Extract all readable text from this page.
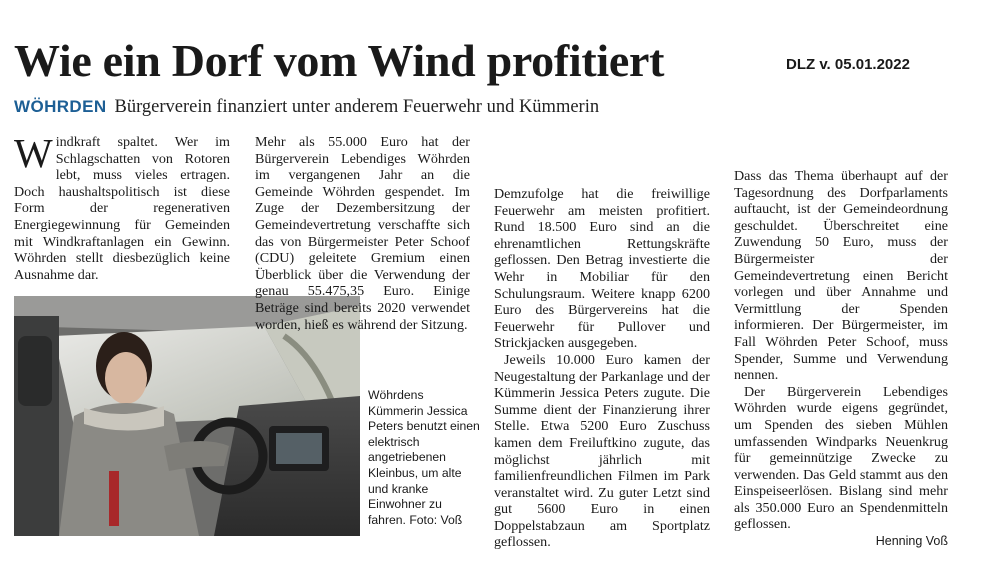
Wie ein Dorf vom Wind profitiert	DLZ v. 05.01.2022
WÖHRDEN Bürgerverein finanziert unter anderem Feuerwehr und Kümmerin

Windkraft spaltet. Wer im Schlagschatten von Rotoren lebt, muss vieles ertragen. Doch haushaltspolitisch ist diese Form der regenerativen Energiegewinnung für Gemeinden mit Windkraftanlagen ein Gewinn. Wöhrden stellt diesbezüglich keine Ausnahme dar.

Wöhrdens Kümmerin Jessica Peters benutzt einen elektrisch angetriebenen Kleinbus, um alte und kranke Einwohner zu fahren. Foto: Voß

Mehr als 55.000 Euro hat der Bürgerverein Lebendiges Wöhrden im vergangenen Jahr an die Gemeinde Wöhrden gespendet. Im Zuge der Dezembersitzung der Gemeindevertretung verschaffte sich das von Bürgermeister Peter Schoof (CDU) geleitete Gremium einen Überblick über die Verwendung der genau 55.475,35 Euro. Einige Beträge sind bereits 2020 verwendet worden, hieß es während der Sitzung.

Demzufolge hat die freiwillige Feuerwehr am meisten profitiert. Rund 18.500 Euro sind an die ehrenamtlichen Rettungskräfte geflossen. Den Betrag investierte die Wehr in Mobiliar für den Schulungsraum. Weitere knapp 6200 Euro des Bürgervereins hat die Feuerwehr für Pullover und Strickjacken ausgegeben.

Jeweils 10.000 Euro kamen der Neugestaltung der Parkanlage und der Kümmerin Jessica Peters zugute. Die Summe dient der Finanzierung ihrer Stelle. Etwa 5200 Euro Zuschuss kamen dem Freiluftkino zugute, das möglichst jährlich mit familienfreundlichen Filmen im Park veranstaltet wird. Zu guter Letzt sind gut 5600 Euro in einen Doppelstabzaun am Sportplatz geflossen.

Dass das Thema überhaupt auf der Tagesordnung des Dorfparlaments auftaucht, ist der Gemeindeordnung geschuldet. Überschreitet eine Zuwendung 50 Euro, muss der Bürgermeister der Gemeindevertretung einen Bericht vorlegen und über Annahme und Vermittlung der Spenden informieren. Der Bürgermeister, im Fall Wöhrden Peter Schoof, muss Spender, Summe und Verwendung nennen.

Der Bürgerverein Lebendiges Wöhrden wurde eigens gegründet, um Spenden des sieben Mühlen umfassenden Windparks Neuenkrug für gemeinnützige Zwecke zu verwenden. Das Geld stammt aus den Einspeiseerlösen. Bislang sind mehr als 350.000 Euro an Spendenmitteln geflossen.

Henning Voß
